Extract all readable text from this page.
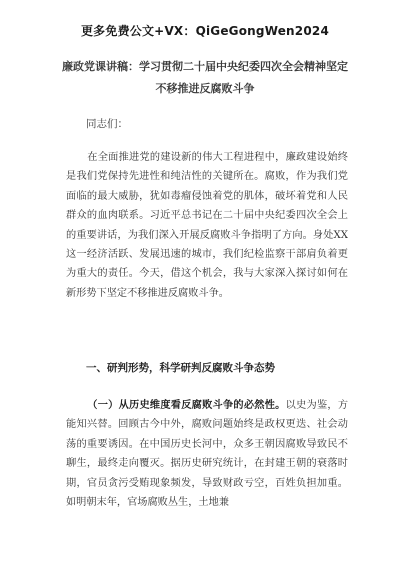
更多免费公文+VX：QiGeGongWen2024
廉政党课讲稿：学习贯彻二十届中央纪委四次全会精神坚定不移推进反腐败斗争
同志们：

在全面推进党的建设新的伟大工程进程中，廉政建设始终是我们党保持先进性和纯洁性的关键所在。腐败，作为我们党面临的最大威胁，犹如毒瘤侵蚀着党的肌体，破坏着党和人民群众的血肉联系。习近平总书记在二十届中央纪委四次全会上的重要讲话，为我们深入开展反腐败斗争指明了方向。身处XX这一经济活跃、发展迅速的城市，我们纪检监察干部肩负着更为重大的责任。今天，借这个机会，我与大家深入探讨如何在新形势下坚定不移推进反腐败斗争。

一、研判形势，科学研判反腐败斗争态势

（一）从历史维度看反腐败斗争的必然性。以史为鉴，方能知兴替。回顾古今中外，腐败问题始终是政权更迭、社会动荡的重要诱因。在中国历史长河中，众多王朝因腐败导致民不聊生，最终走向覆灭。据历史研究统计，在封建王朝的衰落时期，官员贪污受贿现象频发，导致财政亏空，百姓负担加重。如明朝末年，官场腐败丛生，土地兼
